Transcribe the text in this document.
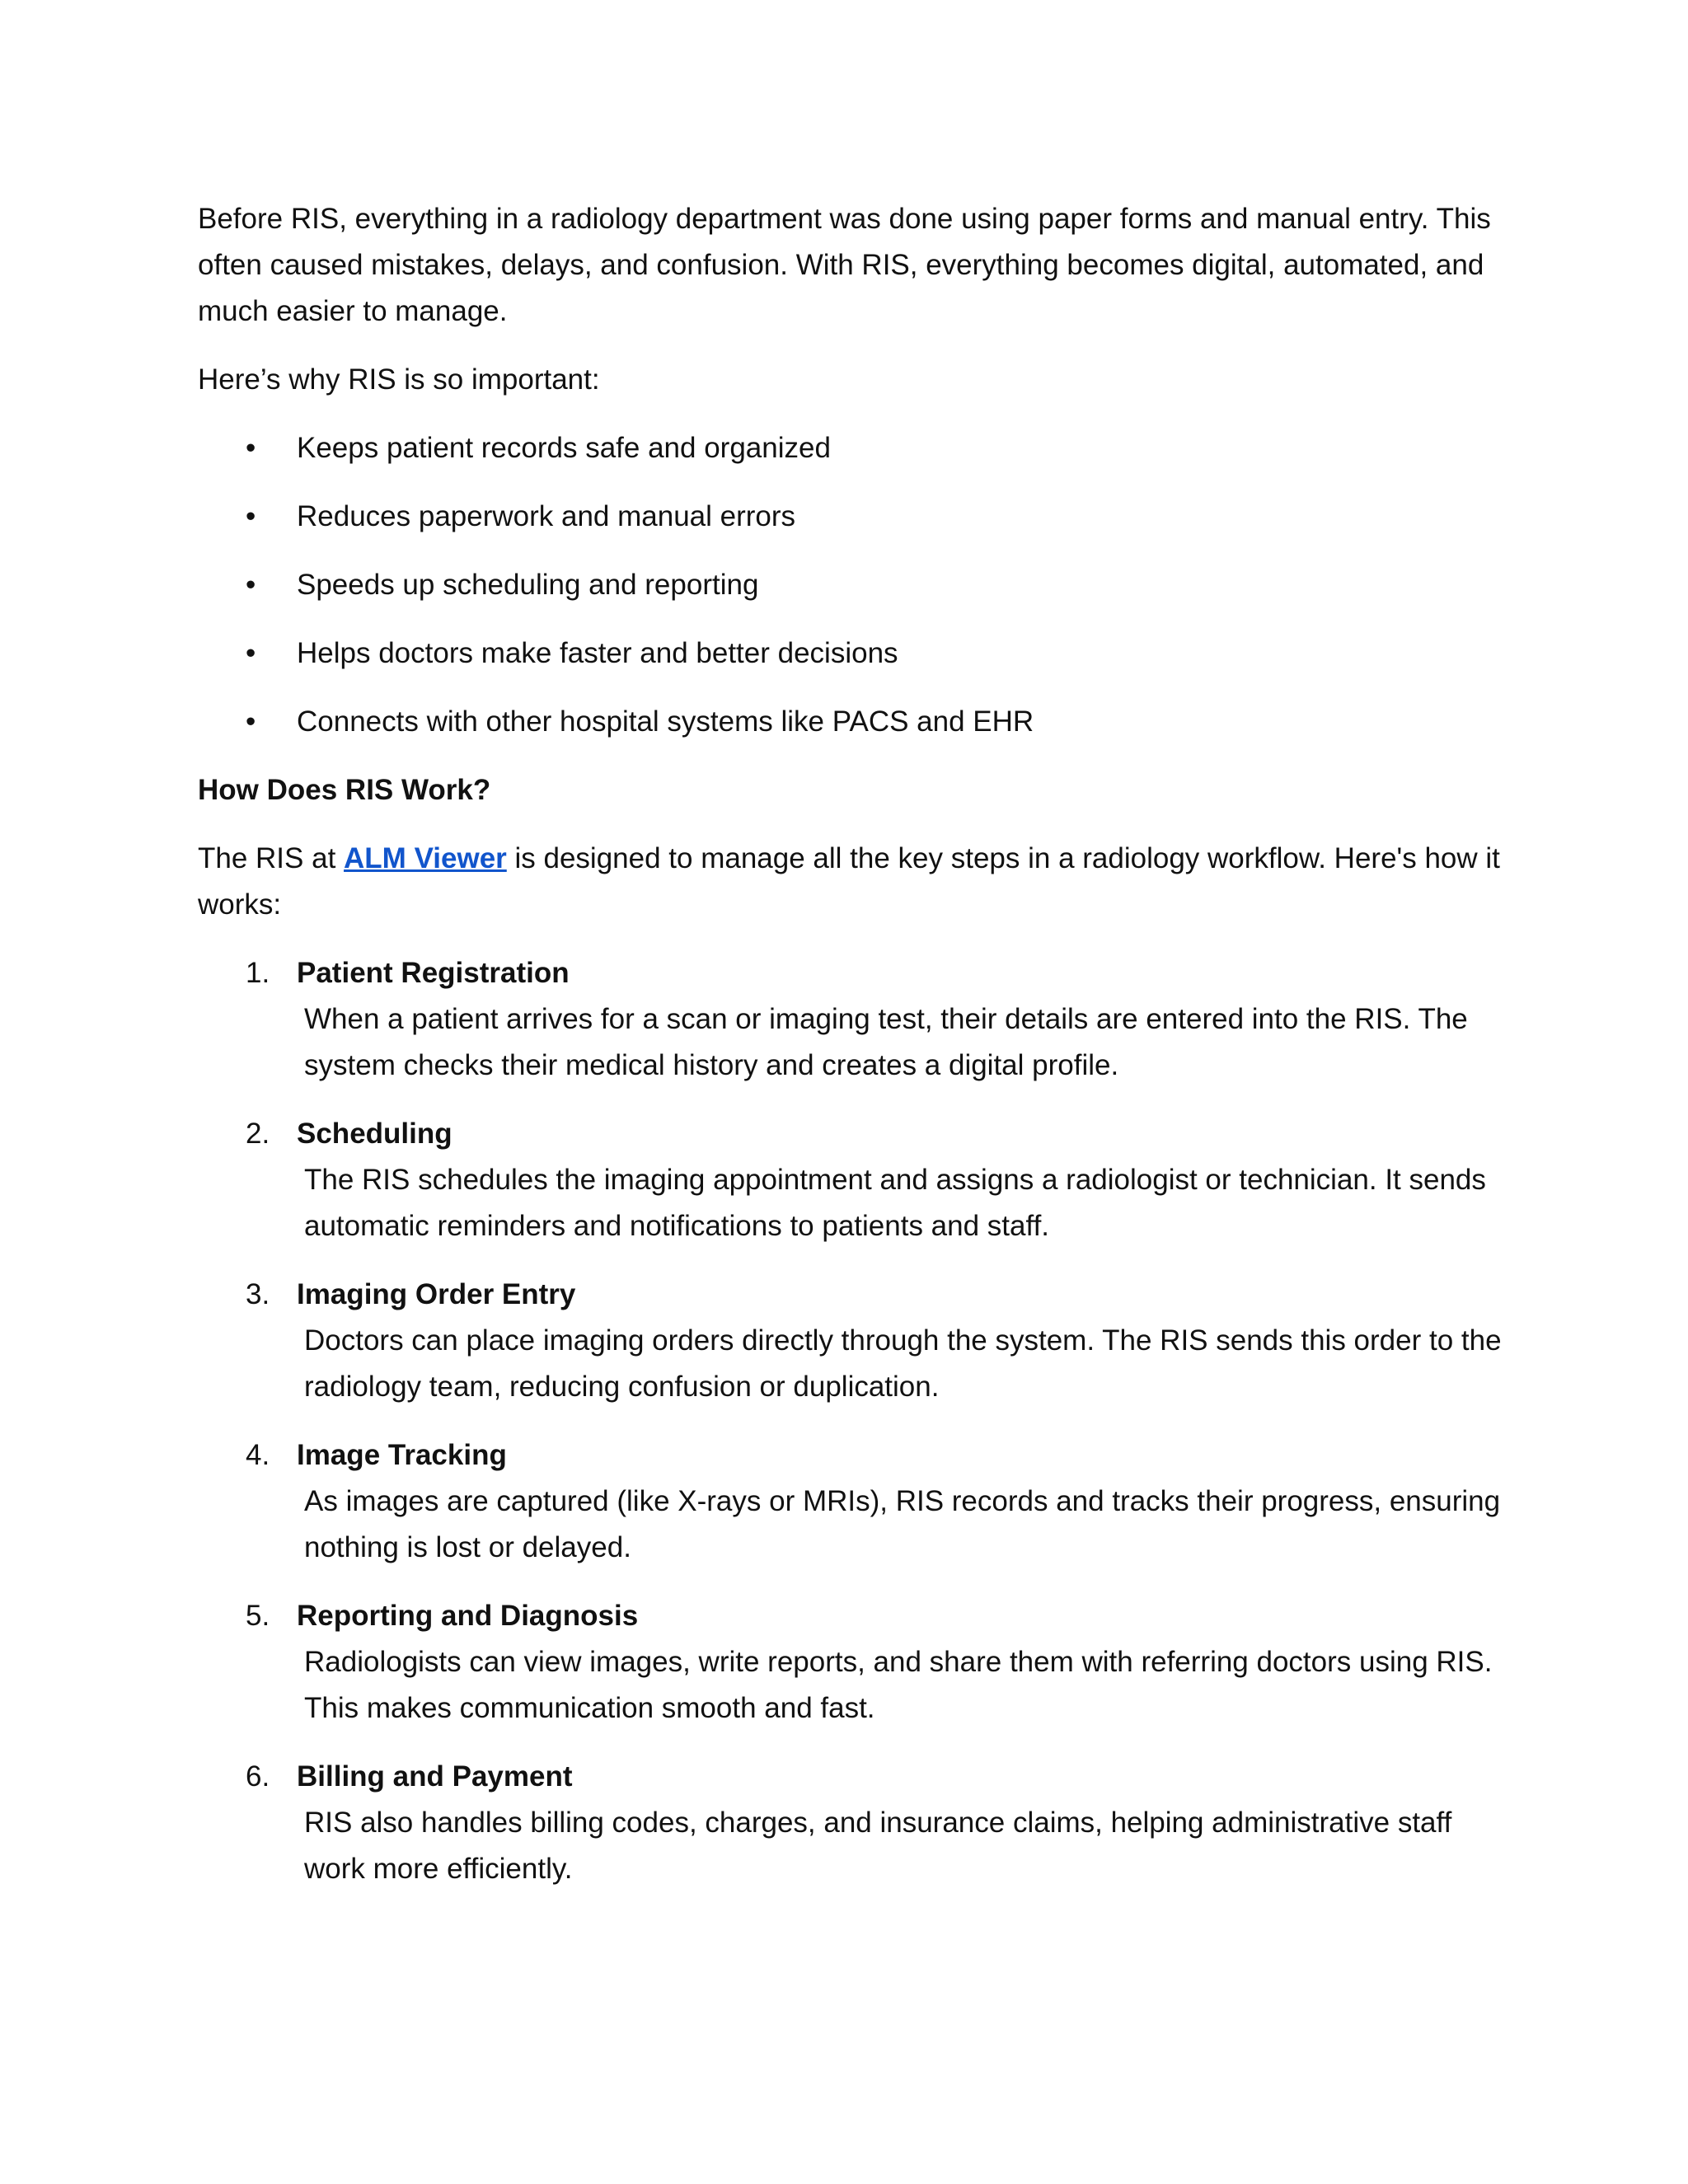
Before RIS, everything in a radiology department was done using paper forms and manual entry. This often caused mistakes, delays, and confusion. With RIS, everything becomes digital, automated, and much easier to manage.

Here’s why RIS is so important:

• Keeps patient records safe and organized
• Reduces paperwork and manual errors
• Speeds up scheduling and reporting
• Helps doctors make faster and better decisions
• Connects with other hospital systems like PACS and EHR

How Does RIS Work?

The RIS at ALM Viewer is designed to manage all the key steps in a radiology workflow. Here's how it works:

1. Patient Registration
When a patient arrives for a scan or imaging test, their details are entered into the RIS. The system checks their medical history and creates a digital profile.
2. Scheduling
The RIS schedules the imaging appointment and assigns a radiologist or technician. It sends automatic reminders and notifications to patients and staff.
3. Imaging Order Entry
Doctors can place imaging orders directly through the system. The RIS sends this order to the radiology team, reducing confusion or duplication.
4. Image Tracking
As images are captured (like X-rays or MRIs), RIS records and tracks their progress, ensuring nothing is lost or delayed.
5. Reporting and Diagnosis
Radiologists can view images, write reports, and share them with referring doctors using RIS. This makes communication smooth and fast.
6. Billing and Payment
RIS also handles billing codes, charges, and insurance claims, helping administrative staff work more efficiently.
